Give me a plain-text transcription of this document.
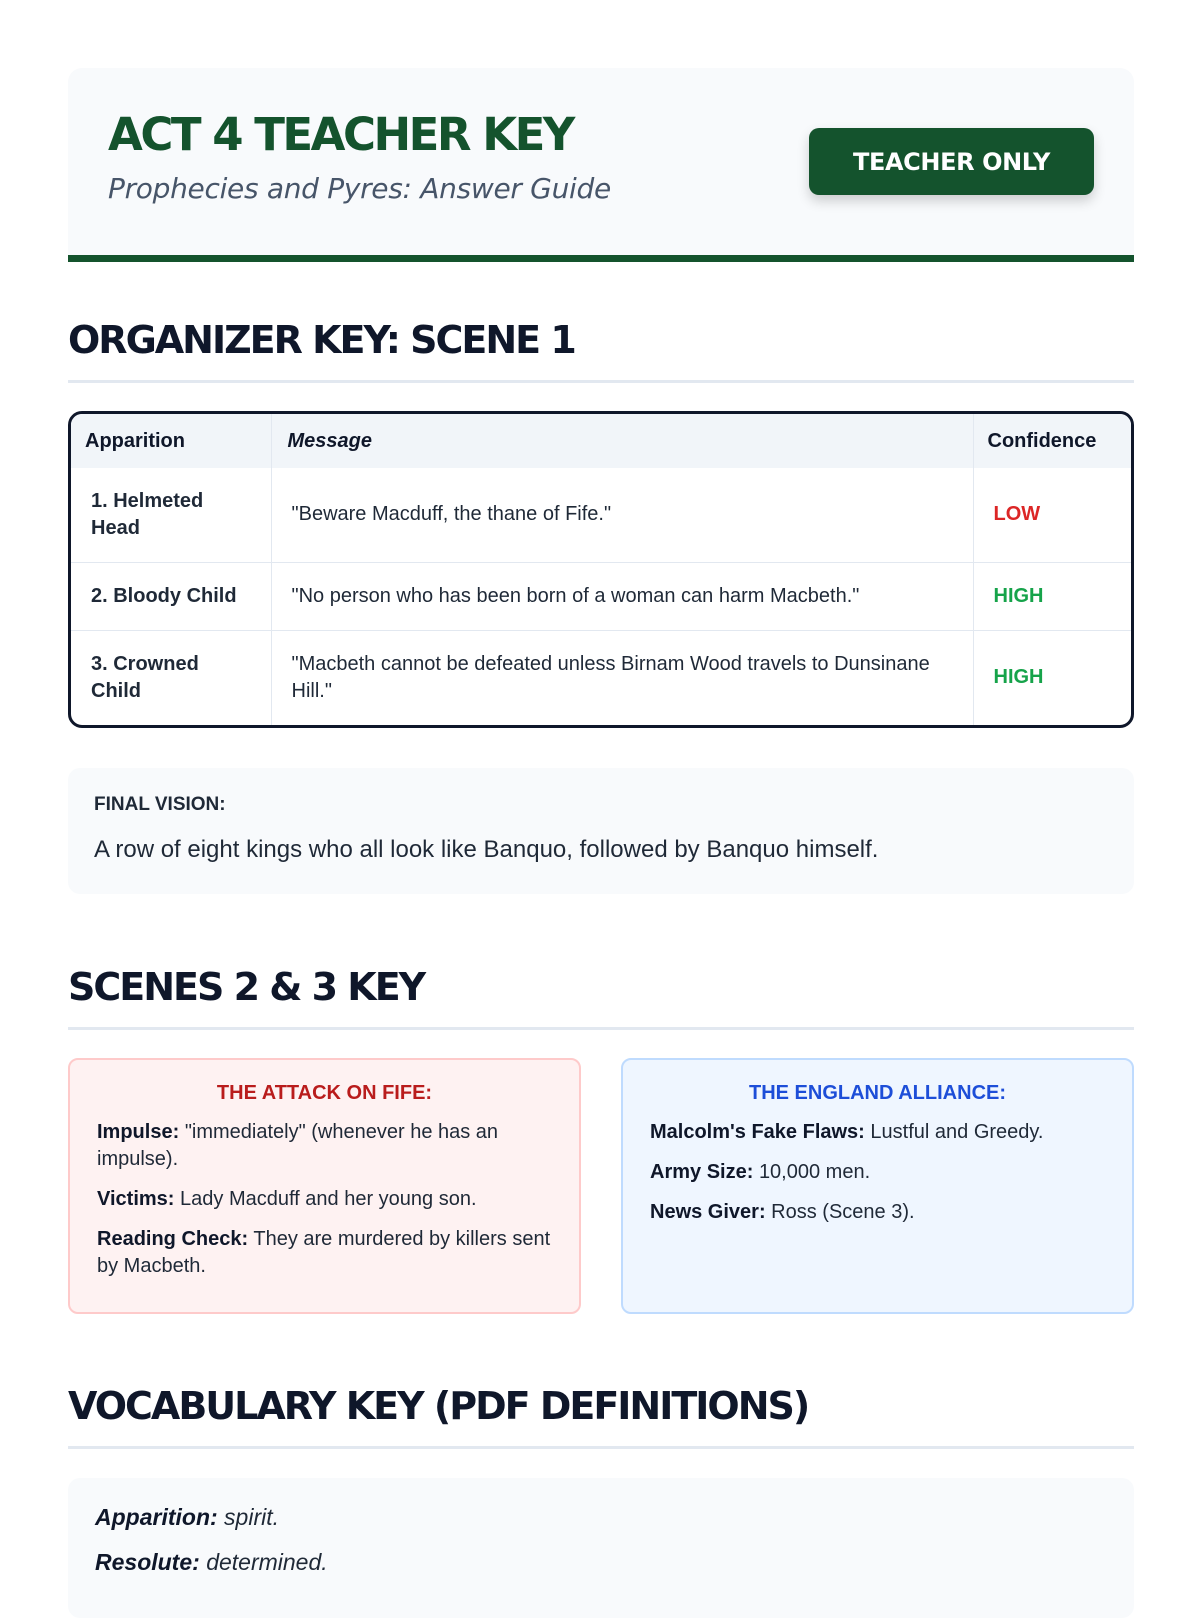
ACT 4 TEACHER KEY
Prophecies and Pyres: Answer Guide
TEACHER ONLY
ORGANIZER KEY: SCENE 1
Apparition	Message	Confidence
1. Helmeted Head	"Beware Macduff, the thane of Fife."	LOW
2. Bloody Child	"No person who has been born of a woman can harm Macbeth."	HIGH
3. Crowned Child	"Macbeth cannot be defeated unless Birnam Wood travels to Dunsinane Hill."	HIGH
FINAL VISION:
A row of eight kings who all look like Banquo, followed by Banquo himself.
SCENES 2 & 3 KEY
THE ATTACK ON FIFE:

Impulse: "immediately" (whenever he has an impulse).

Victims: Lady Macduff and her young son.

Reading Check: They are murdered by killers sent by Macbeth.

THE ENGLAND ALLIANCE:

Malcolm's Fake Flaws: Lustful and Greedy.

Army Size: 10,000 men.

News Giver: Ross (Scene 3).

VOCABULARY KEY (PDF DEFINITIONS)

Apparition: spirit.

Resolute: determined.
